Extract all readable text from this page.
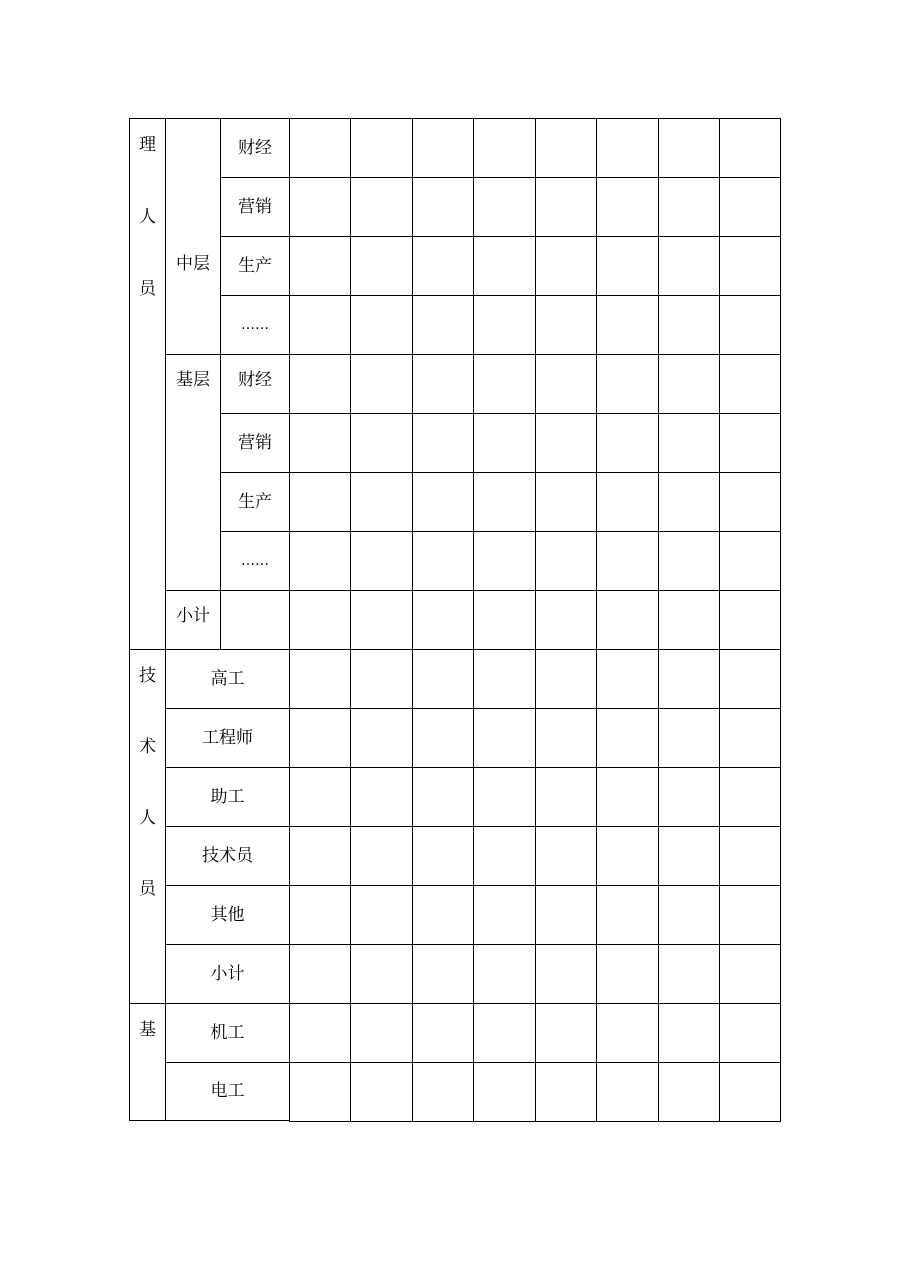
理
人
员
中层
基层
财经
营销
生产
……
财经
营销
生产
……
小计
技
术
人
员
高工
工程师
助工
技术员
其他
小计
基	机工
电工
